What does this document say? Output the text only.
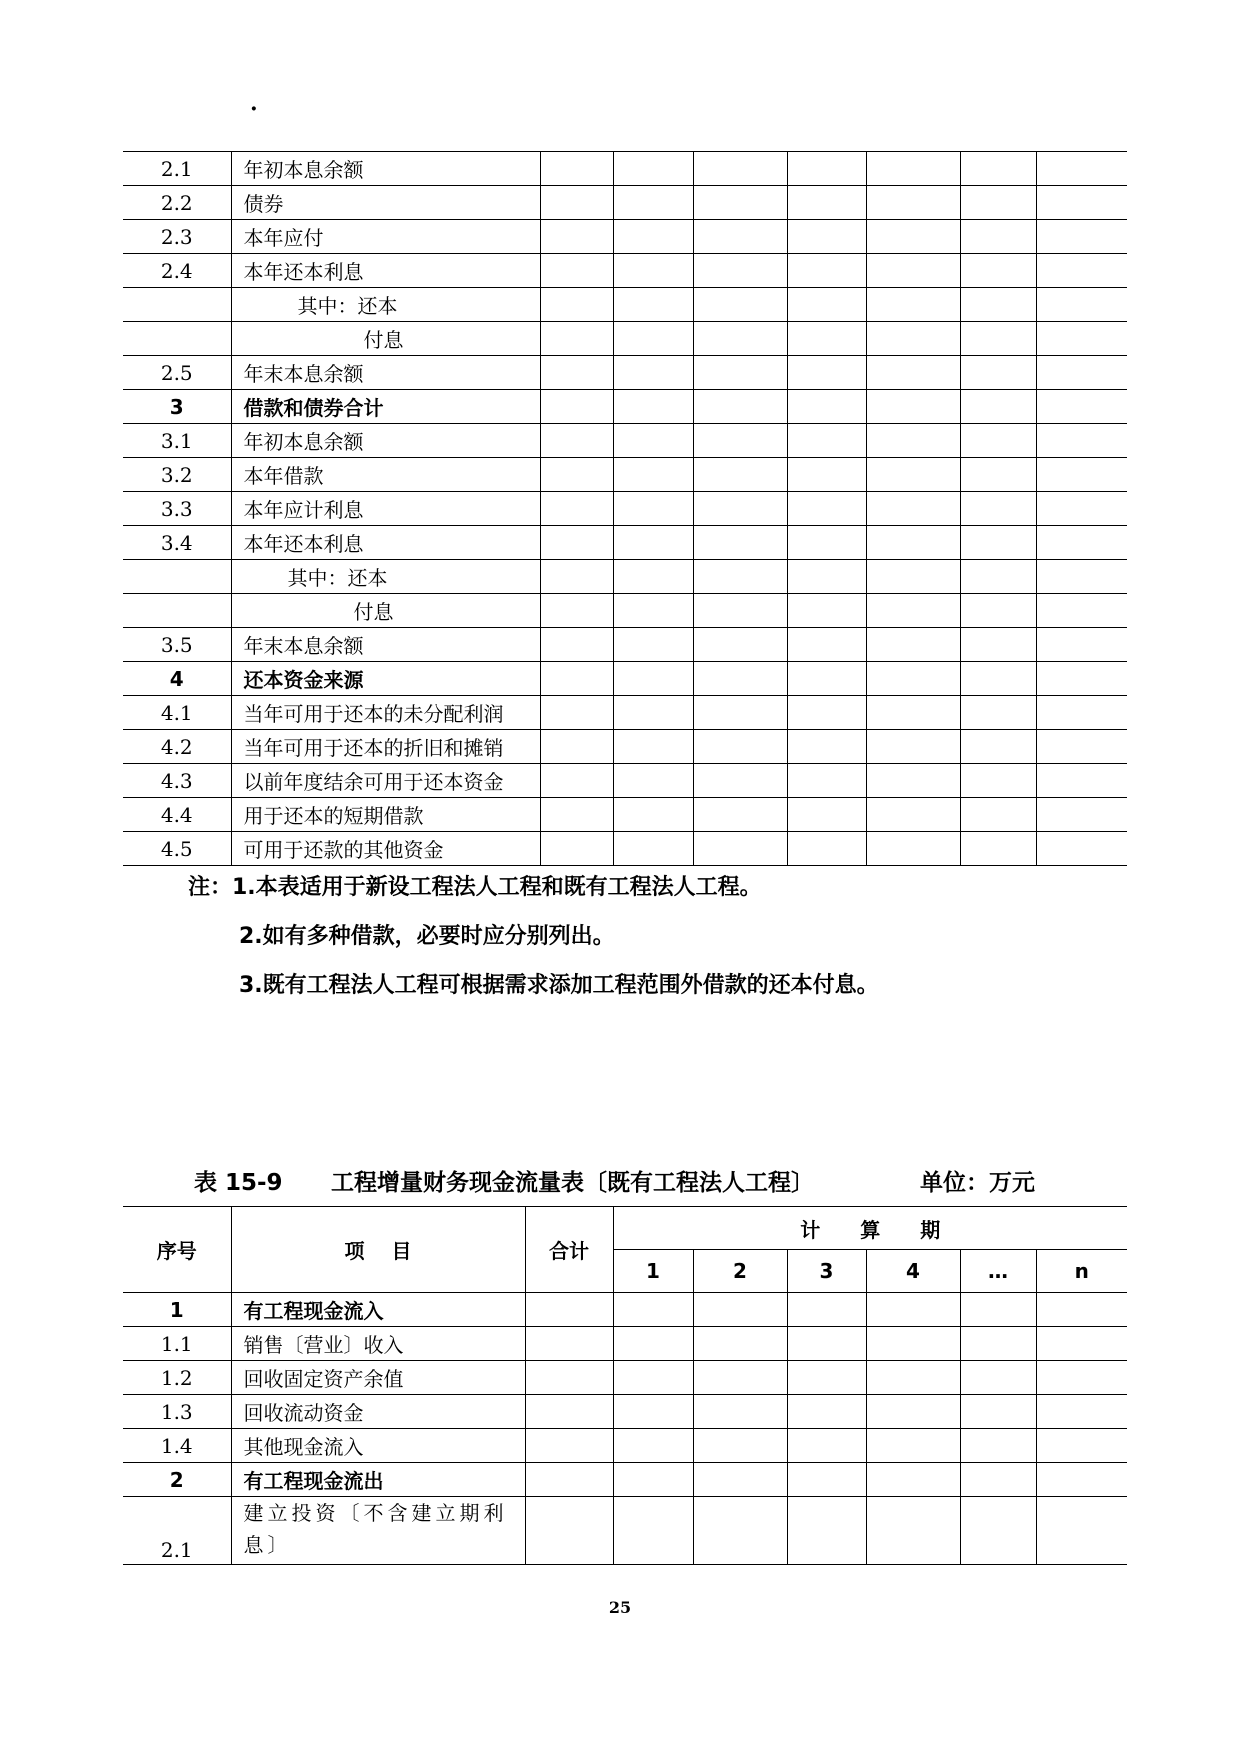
·
2.1	年初本息余额							
2.2	债券							
2.3	本年应付							
2.4	本年还本利息							
	其中：还本							
	付息							
2.5	年末本息余额							
3	借款和债券合计							
3.1	年初本息余额							
3.2	本年借款							
3.3	本年应计利息							
3.4	本年还本利息							
	其中：还本							
	付息							
3.5	年末本息余额							
4	还本资金来源							
4.1	当年可用于还本的未分配利润							
4.2	当年可用于还本的折旧和摊销							
4.3	以前年度结余可用于还本资金							
4.4	用于还本的短期借款							
4.5	可用于还款的其他资金							
注：1.本表适用于新设工程法人工程和既有工程法人工程。
2.如有多种借款，必要时应分别列出。
3.既有工程法人工程可根据需求添加工程范围外借款的还本付息。
表 15-9 工程增量财务现金流量表〔既有工程法人工程〕	单位：万元
序号	项　 目	合计	计　　算　　期					
			1	2	3	4	…	n
1	有工程现金流入							
1.1	销售〔营业〕收入							
1.2	回收固定资产余值							
1.3	回收流动资金							
1.4	其他现金流入							
2	有工程现金流出							
2.1	建立投资〔不含建立期利息〕							
25
